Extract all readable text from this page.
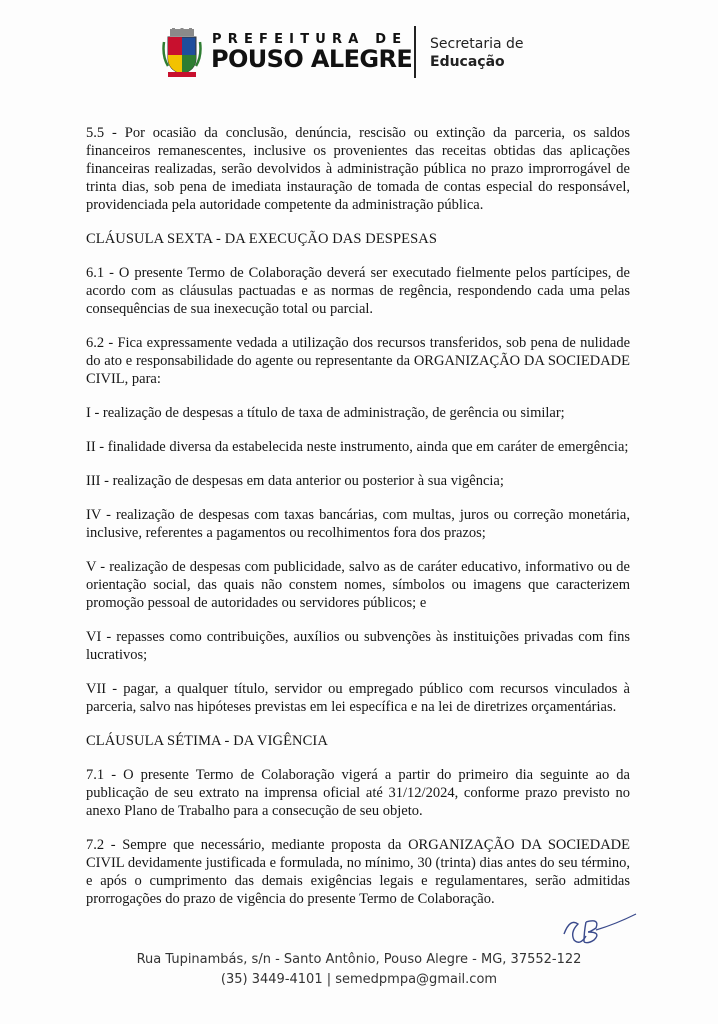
PREFEITURA DE
POUSO ALEGRE
Secretaria de
Educação

5.5 - Por ocasião da conclusão, denúncia, rescisão ou extinção da parceria, os saldos financeiros remanescentes, inclusive os provenientes das receitas obtidas das aplicações financeiras realizadas, serão devolvidos à administração pública no prazo improrrogável de trinta dias, sob pena de imediata instauração de tomada de contas especial do responsável, providenciada pela autoridade competente da administração pública.

CLÁUSULA SEXTA - DA EXECUÇÃO DAS DESPESAS

6.1 - O presente Termo de Colaboração deverá ser executado fielmente pelos partícipes, de acordo com as cláusulas pactuadas e as normas de regência, respondendo cada uma pelas consequências de sua inexecução total ou parcial.

6.2 - Fica expressamente vedada a utilização dos recursos transferidos, sob pena de nulidade do ato e responsabilidade do agente ou representante da ORGANIZAÇÃO DA SOCIEDADE CIVIL, para:

I - realização de despesas a título de taxa de administração, de gerência ou similar;

II - finalidade diversa da estabelecida neste instrumento, ainda que em caráter de emergência;

III - realização de despesas em data anterior ou posterior à sua vigência;

IV - realização de despesas com taxas bancárias, com multas, juros ou correção monetária, inclusive, referentes a pagamentos ou recolhimentos fora dos prazos;

V - realização de despesas com publicidade, salvo as de caráter educativo, informativo ou de orientação social, das quais não constem nomes, símbolos ou imagens que caracterizem promoção pessoal de autoridades ou servidores públicos; e

VI - repasses como contribuições, auxílios ou subvenções às instituições privadas com fins lucrativos;

VII - pagar, a qualquer título, servidor ou empregado público com recursos vinculados à parceria, salvo nas hipóteses previstas em lei específica e na lei de diretrizes orçamentárias.

CLÁUSULA SÉTIMA - DA VIGÊNCIA

7.1 - O presente Termo de Colaboração vigerá a partir do primeiro dia seguinte ao da publicação de seu extrato na imprensa oficial até 31/12/2024, conforme prazo previsto no anexo Plano de Trabalho para a consecução de seu objeto.

7.2 - Sempre que necessário, mediante proposta da ORGANIZAÇÃO DA SOCIEDADE CIVIL devidamente justificada e formulada, no mínimo, 30 (trinta) dias antes do seu término, e após o cumprimento das demais exigências legais e regulamentares, serão admitidas prorrogações do prazo de vigência do presente Termo de Colaboração.

Rua Tupinambás, s/n - Santo Antônio, Pouso Alegre - MG, 37552-122
(35) 3449-4101 | semedpmpa@gmail.com
